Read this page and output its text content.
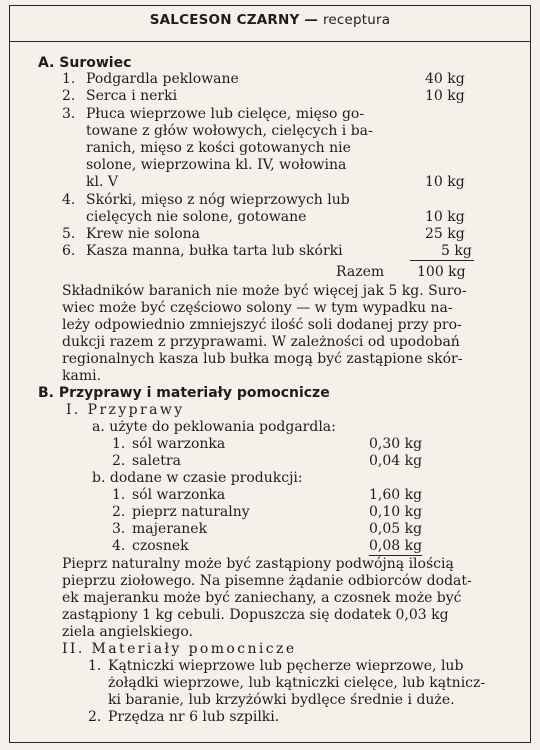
SALCESON CZARNY — receptura
A. Surowiec
1. Podgardla peklowane	40 kg
2. Serca i nerki	10 kg
3. Płuca wieprzowe lub cielęce, mięso go-
towane z głów wołowych, cielęcych i ba-
ranich, mięso z kości gotowanych nie
solone, wieprzowina kl. IV, wołowina
kl. V	10 kg
4. Skórki, mięso z nóg wieprzowych lub
cielęcych nie solone, gotowane	10 kg
5. Krew nie solona	25 kg
6. Kasza manna, bułka tarta lub skórki	5 kg
Razem 100 kg
Składników baranich nie może być więcej jak 5 kg. Suro-
wiec może być częściowo solony — w tym wypadku na-
leży odpowiednio zmniejszyć ilość soli dodanej przy pro-
dukcji razem z przyprawami. W zależności od upodobań
regionalnych kasza lub bułka mogą być zastąpione skór-
kami.
B. Przyprawy i materiały pomocnicze
I. Przyprawy
a. użyte do peklowania podgardla:
1. sól warzonka	0,30 kg
2. saletra	0,04 kg
b. dodane w czasie produkcji:
1. sól warzonka	1,60 kg
2. pieprz naturalny	0,10 kg
3. majeranek	0,05 kg
4. czosnek	0,08 kg
Pieprz naturalny może być zastąpiony podwójną ilością
pieprzu ziołowego. Na pisemne żądanie odbiorców dodat-
ek majeranku może być zaniechany, a czosnek może być
zastąpiony 1 kg cebuli. Dopuszcza się dodatek 0,03 kg
ziela angielskiego.
II. Materiały pomocnicze
1. Kątniczki wieprzowe lub pęcherze wieprzowe, lub
żołądki wieprzowe, lub kątniczki cielęce, lub kątnicz-
ki baranie, lub krzyżówki bydlęce średnie i duże.
2. Przędza nr 6 lub szpilki.
